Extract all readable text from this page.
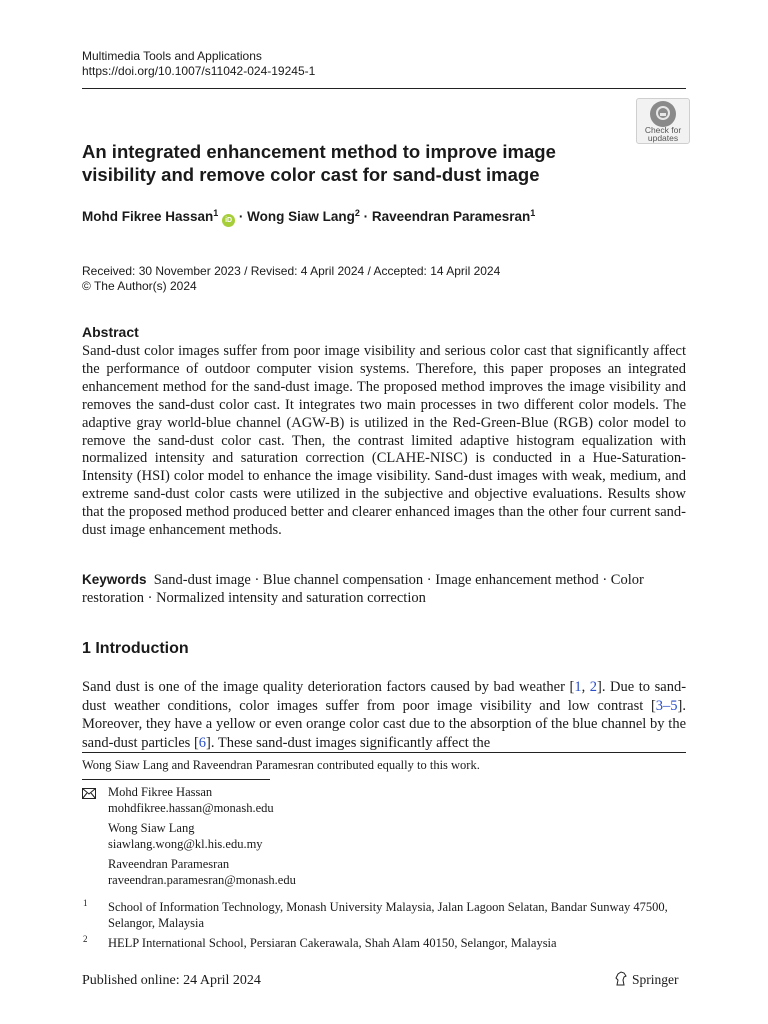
Multimedia Tools and Applications
https://doi.org/10.1007/s11042-024-19245-1
Check for
updates
An integrated enhancement method to improve image visibility and remove color cast for sand-dust image
Mohd Fikree Hassan$^1$ iD · Wong Siaw Lang$^2$ · Raveendran Paramesran$^1$
Received: 30 November 2023 / Revised: 4 April 2024 / Accepted: 14 April 2024
© The Author(s) 2024
Abstract
Sand-dust color images suffer from poor image visibility and serious color cast that significantly affect the performance of outdoor computer vision systems. Therefore, this paper proposes an integrated enhancement method for the sand-dust image. The proposed method improves the image visibility and removes the sand-dust color cast. It integrates two main processes in two different color models. The adaptive gray world-blue channel (AGW-B) is utilized in the Red-Green-Blue (RGB) color model to remove the sand-dust color cast. Then, the contrast limited adaptive histogram equalization with normalized intensity and saturation correction (CLAHE-NISC) is conducted in a Hue-Saturation-Intensity (HSI) color model to enhance the image visibility. Sand-dust images with weak, medium, and extreme sand-dust color casts were utilized in the subjective and objective evaluations. Results show that the proposed method produced better and clearer enhanced images than the other four current sand-dust image enhancement methods.
Keywords Sand-dust image · Blue channel compensation · Image enhancement method · Color restoration · Normalized intensity and saturation correction
1 Introduction
Sand dust is one of the image quality deterioration factors caused by bad weather [1, 2]. Due to sand-dust weather conditions, color images suffer from poor image visibility and low contrast [3–5]. Moreover, they have a yellow or even orange color cast due to the absorption of the blue channel by the sand-dust particles [6]. These sand-dust images significantly affect the
Wong Siaw Lang and Raveendran Paramesran contributed equally to this work.
Mohd Fikree Hassan
mohdfikree.hassan@monash.edu
Wong Siaw Lang
siawlang.wong@kl.his.edu.my
Raveendran Paramesran
raveendran.paramesran@monash.edu
1 School of Information Technology, Monash University Malaysia, Jalan Lagoon Selatan, Bandar Sunway 47500, Selangor, Malaysia
2 HELP International School, Persiaran Cakerawala, Shah Alam 40150, Selangor, Malaysia
Published online: 24 April 2024	Springer
